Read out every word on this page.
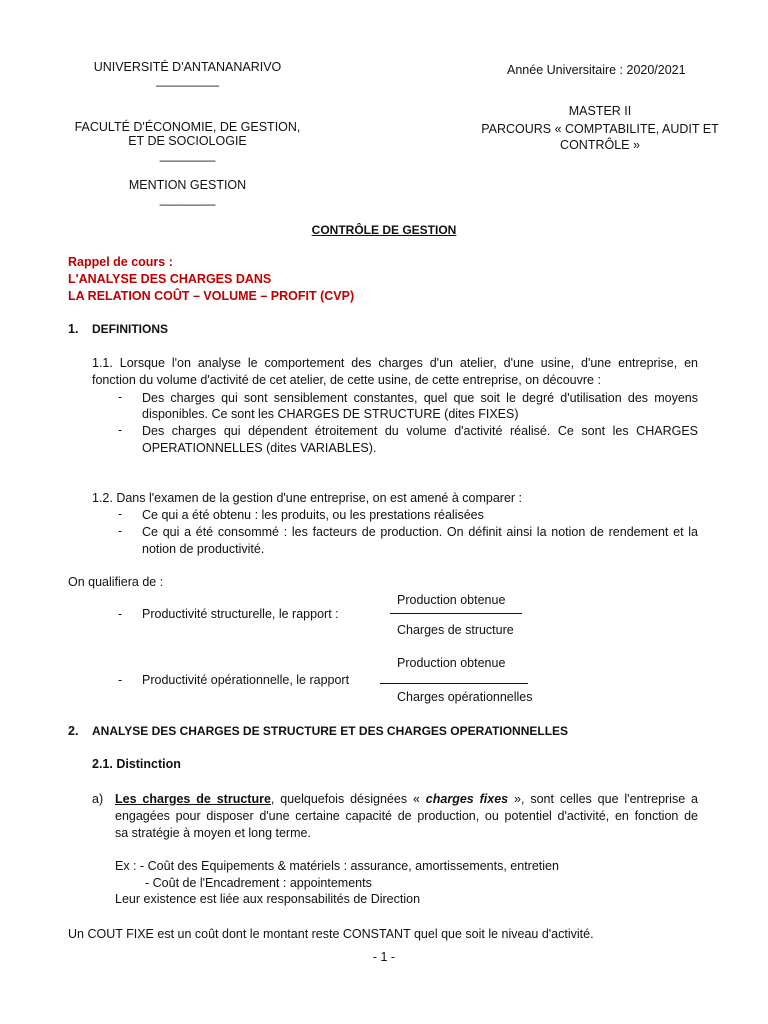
UNIVERSITÉ D'ANTANANARIVO
_________
FACULTÉ D'ÉCONOMIE, DE GESTION,
ET DE SOCIOLOGIE
________
MENTION GESTION
________
Année Universitaire : 2020/2021
MASTER II
PARCOURS « COMPTABILITE, AUDIT ET
CONTRÔLE »
CONTRÔLE DE GESTION
Rappel de cours :
L'ANALYSE DES CHARGES DANS
LA RELATION COÛT – VOLUME – PROFIT (CVP)
1. DEFINITIONS
1.1. Lorsque l'on analyse le comportement des charges d'un atelier, d'une usine, d'une entreprise, en
fonction du volume d'activité de cet atelier, de cette usine, de cette entreprise, on découvre :
- Des charges qui sont sensiblement constantes, quel que soit le degré d'utilisation des moyens
disponibles. Ce sont les CHARGES DE STRUCTURE (dites FIXES)
- Des charges qui dépendent étroitement du volume d'activité réalisé. Ce sont les CHARGES
OPERATIONNELLES (dites VARIABLES).
1.2. Dans l'examen de la gestion d'une entreprise, on est amené à comparer :
- Ce qui a été obtenu : les produits, ou les prestations réalisées
- Ce qui a été consommé : les facteurs de production. On définit ainsi la notion de rendement et la
notion de productivité.
On qualifiera de :
Production obtenue
- Productivité structurelle, le rapport :
Charges de structure
Production obtenue
- Productivité opérationnelle, le rapport
Charges opérationnelles
2. ANALYSE DES CHARGES DE STRUCTURE ET DES CHARGES OPERATIONNELLES
2.1. Distinction
a) Les charges de structure, quelquefois désignées « charges fixes », sont celles que l'entreprise a
engagées pour disposer d'une certaine capacité de production, ou potentiel d'activité, en fonction de
sa stratégie à moyen et long terme.
Ex : - Coût des Equipements & matériels : assurance, amortissements, entretien
- Coût de l'Encadrement : appointements
Leur existence est liée aux responsabilités de Direction
Un COUT FIXE est un coût dont le montant reste CONSTANT quel que soit le niveau d'activité.
- 1 -
